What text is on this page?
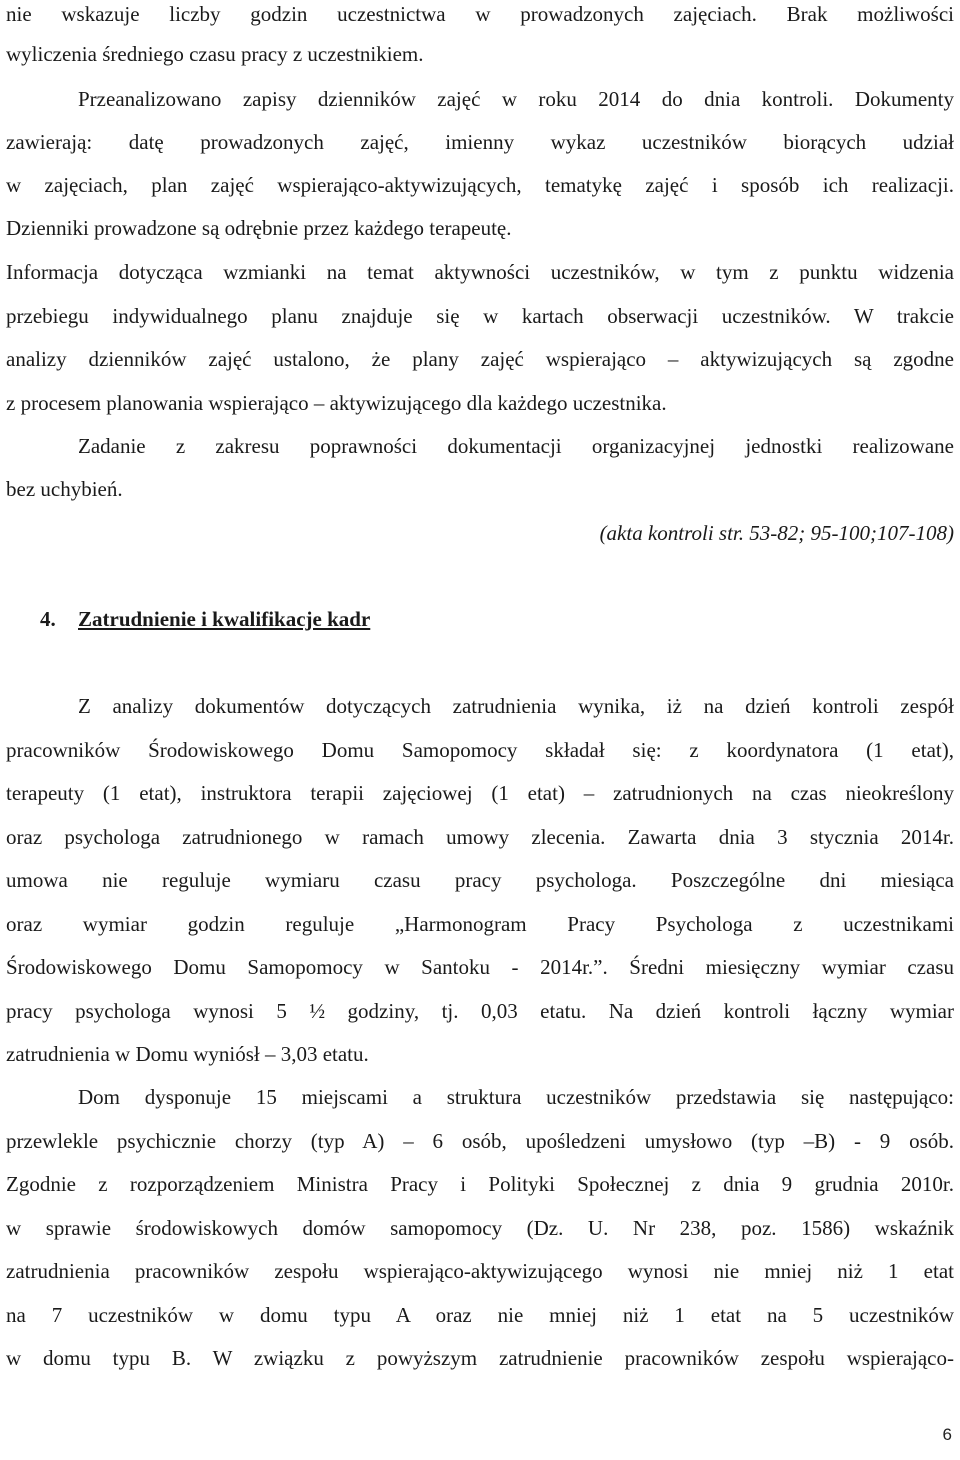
nie wskazuje liczby godzin uczestnictwa w prowadzonych zajęciach. Brak możliwości
wyliczenia średniego czasu pracy z uczestnikiem.
Przeanalizowano zapisy dzienników zajęć w roku 2014 do dnia kontroli. Dokumenty
zawierają: datę prowadzonych zajęć, imienny wykaz uczestników biorących udział
w zajęciach, plan zajęć wspierająco-aktywizujących, tematykę zajęć i sposób ich realizacji.
Dzienniki prowadzone są odrębnie przez każdego terapeutę.
Informacja dotycząca wzmianki na temat aktywności uczestników, w tym z punktu widzenia
przebiegu indywidualnego planu znajduje się w kartach obserwacji uczestników. W trakcie
analizy dzienników zajęć ustalono, że plany zajęć wspierająco – aktywizujących są zgodne
z procesem planowania wspierająco – aktywizującego dla każdego uczestnika.
Zadanie z zakresu poprawności dokumentacji organizacyjnej jednostki realizowane
bez uchybień.
(akta kontroli str. 53-82; 95-100;107-108)
4. Zatrudnienie i kwalifikacje kadr
Z analizy dokumentów dotyczących zatrudnienia wynika, iż na dzień kontroli zespół
pracowników Środowiskowego Domu Samopomocy składał się: z koordynatora (1 etat),
terapeuty (1 etat), instruktora terapii zajęciowej (1 etat) – zatrudnionych na czas nieokreślony
oraz psychologa zatrudnionego w ramach umowy zlecenia. Zawarta dnia 3 stycznia 2014r.
umowa nie reguluje wymiaru czasu pracy psychologa. Poszczególne dni miesiąca
oraz wymiar godzin reguluje „Harmonogram Pracy Psychologa z uczestnikami
Środowiskowego Domu Samopomocy w Santoku - 2014r.”. Średni miesięczny wymiar czasu
pracy psychologa wynosi 5 ½ godziny, tj. 0,03 etatu. Na dzień kontroli łączny wymiar
zatrudnienia w Domu wyniósł – 3,03 etatu.
Dom dysponuje 15 miejscami a struktura uczestników przedstawia się następująco:
przewlekle psychicznie chorzy (typ A) – 6 osób, upośledzeni umysłowo (typ –B) - 9 osób.
Zgodnie z rozporządzeniem Ministra Pracy i Polityki Społecznej z dnia 9 grudnia 2010r.
w sprawie środowiskowych domów samopomocy (Dz. U. Nr 238, poz. 1586) wskaźnik
zatrudnienia pracowników zespołu wspierająco-aktywizującego wynosi nie mniej niż 1 etat
na 7 uczestników w domu typu A oraz nie mniej niż 1 etat na 5 uczestników
w domu typu B. W związku z powyższym zatrudnienie pracowników zespołu wspierająco-
6
